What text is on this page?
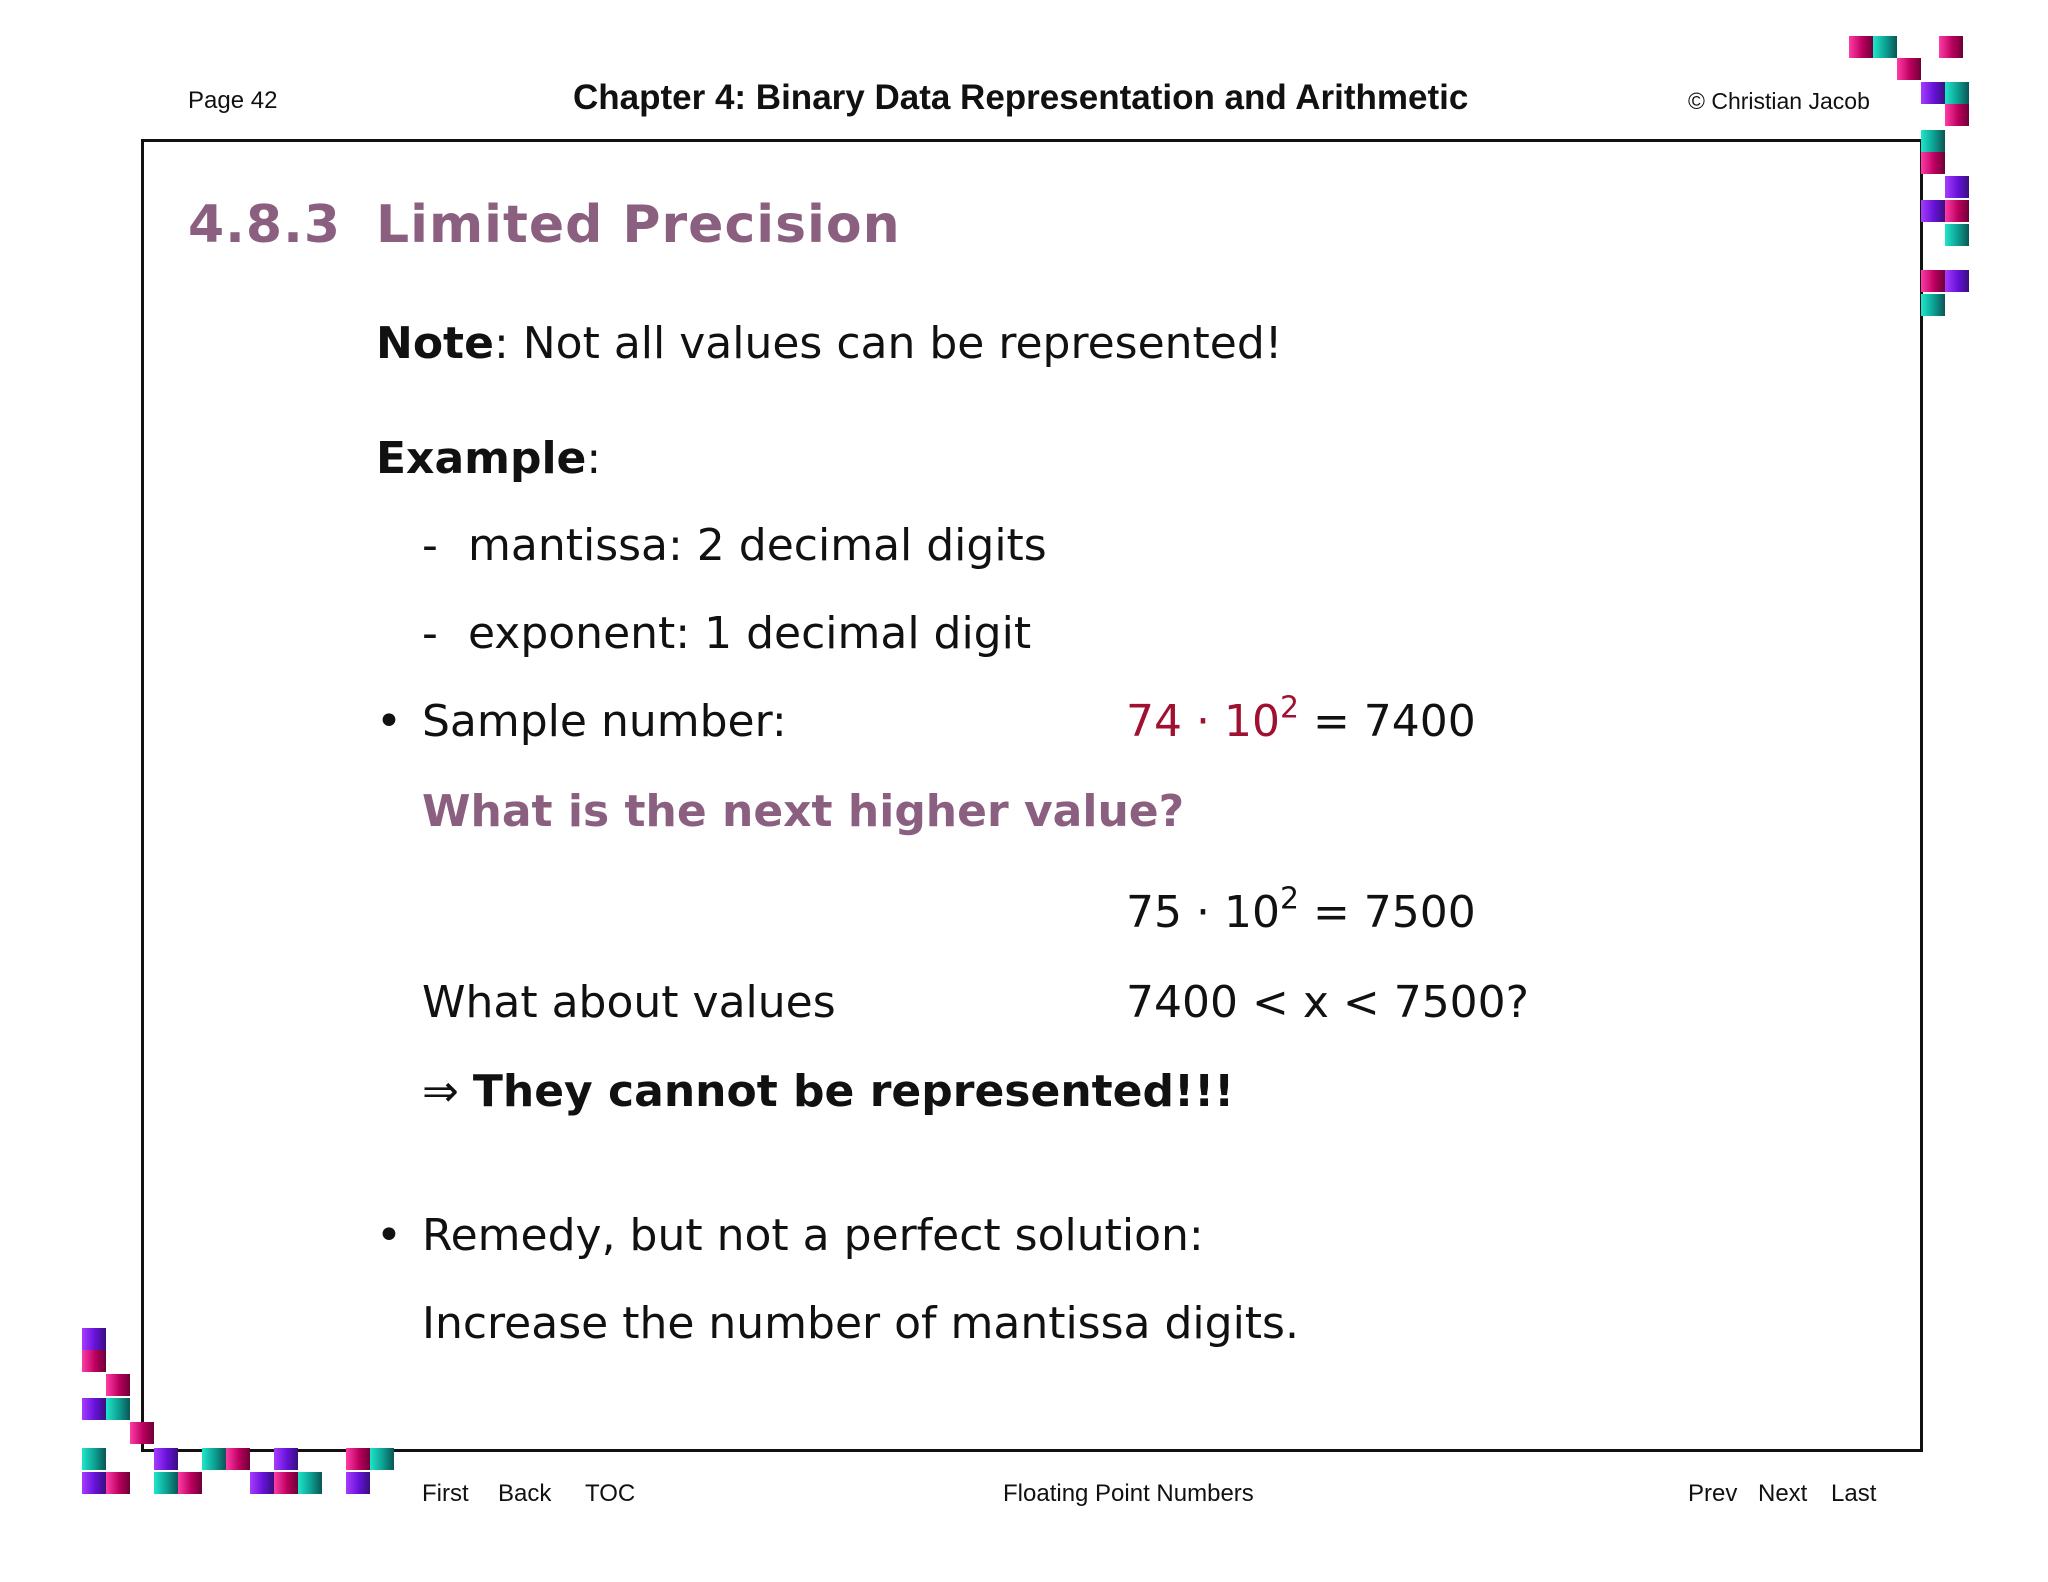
Page 42	Chapter 4: Binary Data Representation and Arithmetic	© Christian Jacob
4.8.3 Limited Precision
Note: Not all values can be represented!
Example:
- mantissa: 2 decimal digits
- exponent: 1 decimal digit
• Sample number:	$74 \cdot 10^2 = 7400$
What is the next higher value?
$75 \cdot 10^2 = 7500$
What about values	7400 < x < 7500?
⇒ They cannot be represented!!!
• Remedy, but not a perfect solution:
Increase the number of mantissa digits.
First Back TOC	Floating Point Numbers	Prev Next Last
